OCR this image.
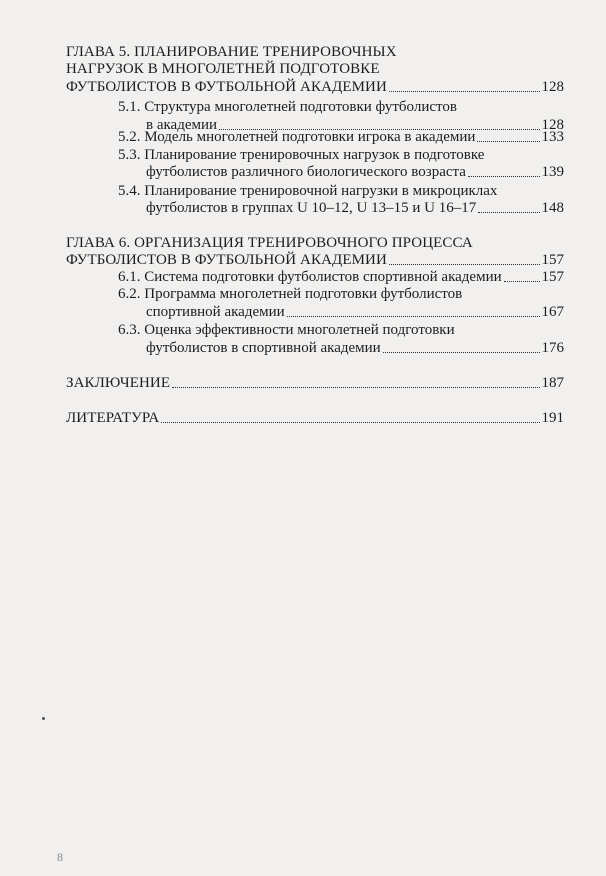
ГЛАВА 5. ПЛАНИРОВАНИЕ ТРЕНИРОВОЧНЫХ
НАГРУЗОК В МНОГОЛЕТНЕЙ ПОДГОТОВКЕ
ФУТБОЛИСТОВ В ФУТБОЛЬНОЙ АКАДЕМИИ	128
5.1. Структура многолетней подготовки футболистов
в академии	128
5.2. Модель многолетней подготовки игрока в академии	133
5.3. Планирование тренировочных нагрузок в подготовке
футболистов различного биологического возраста	139
5.4. Планирование тренировочной нагрузки в микроциклах
футболистов в группах U 10–12, U 13–15 и U 16–17	148
ГЛАВА 6. ОРГАНИЗАЦИЯ ТРЕНИРОВОЧНОГО ПРОЦЕССА
ФУТБОЛИСТОВ В ФУТБОЛЬНОЙ АКАДЕМИИ	157
6.1. Система подготовки футболистов спортивной академии	157
6.2. Программа многолетней подготовки футболистов
спортивной академии	167
6.3. Оценка эффективности многолетней подготовки
футболистов в спортивной академии	176
ЗАКЛЮЧЕНИЕ	187
ЛИТЕРАТУРА	191
8
